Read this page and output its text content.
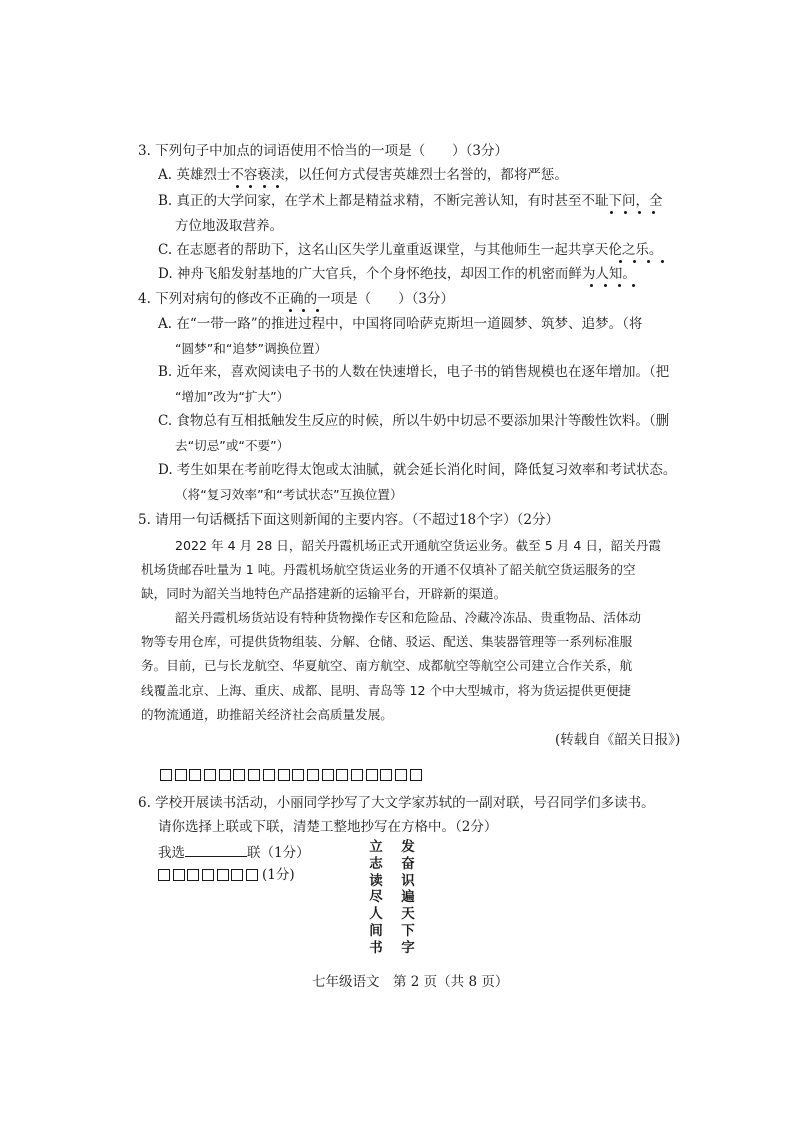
3. 下列句子中加点的词语使用不恰当的一项是（　　）（3分）
A. 英雄烈士不容亵渎，以任何方式侵害英雄烈士名誉的，都将严惩。
B. 真正的大学问家，在学术上都是精益求精，不断完善认知，有时甚至不耻下问，全
方位地汲取营养。
C. 在志愿者的帮助下，这名山区失学儿童重返课堂，与其他师生一起共享天伦之乐。
D. 神舟飞船发射基地的广大官兵，个个身怀绝技，却因工作的机密而鲜为人知。
4. 下列对病句的修改不正确的一项是（　　）（3分）
A. 在“一带一路”的推进过程中，中国将同哈萨克斯坦一道圆梦、筑梦、追梦。（将
“圆梦”和“追梦”调换位置）
B. 近年来，喜欢阅读电子书的人数在快速增长，电子书的销售规模也在逐年增加。（把
“增加”改为“扩大”）
C. 食物总有互相抵触发生反应的时候，所以牛奶中切忌不要添加果汁等酸性饮料。（删
去“切忌”或“不要”）
D. 考生如果在考前吃得太饱或太油腻，就会延长消化时间，降低复习效率和考试状态。
（将“复习效率”和“考试状态”互换位置）
5. 请用一句话概括下面这则新闻的主要内容。（不超过18个字）（2分）
2022 年 4 月 28 日，韶关丹霞机场正式开通航空货运业务。截至 5 月 4 日，韶关丹霞
机场货邮吞吐量为 1 吨。丹霞机场航空货运业务的开通不仅填补了韶关航空货运服务的空
缺，同时为韶关当地特色产品搭建新的运输平台，开辟新的渠道。
韶关丹霞机场货站设有特种货物操作专区和危险品、冷藏冷冻品、贵重物品、活体动
物等专用仓库，可提供货物组装、分解、仓储、驳运、配送、集装器管理等一系列标准服
务。目前，已与长龙航空、华夏航空、南方航空、成都航空等航空公司建立合作关系，航
线覆盖北京、上海、重庆、成都、昆明、青岛等 12 个中大型城市，将为货运提供更便捷
的物流通道，助推韶关经济社会高质量发展。
(转载自《韶关日报》)
6. 学校开展读书活动，小丽同学抄写了大文学家苏轼的一副对联，号召同学们多读书。
请你选择上联或下联，清楚工整地抄写在方格中。（2分）
我选	联（1分）
(1分)
立
志
读
尽
人
间
书
发
奋
识
遍
天
下
字
七年级语文　第 2 页（共 8 页）
